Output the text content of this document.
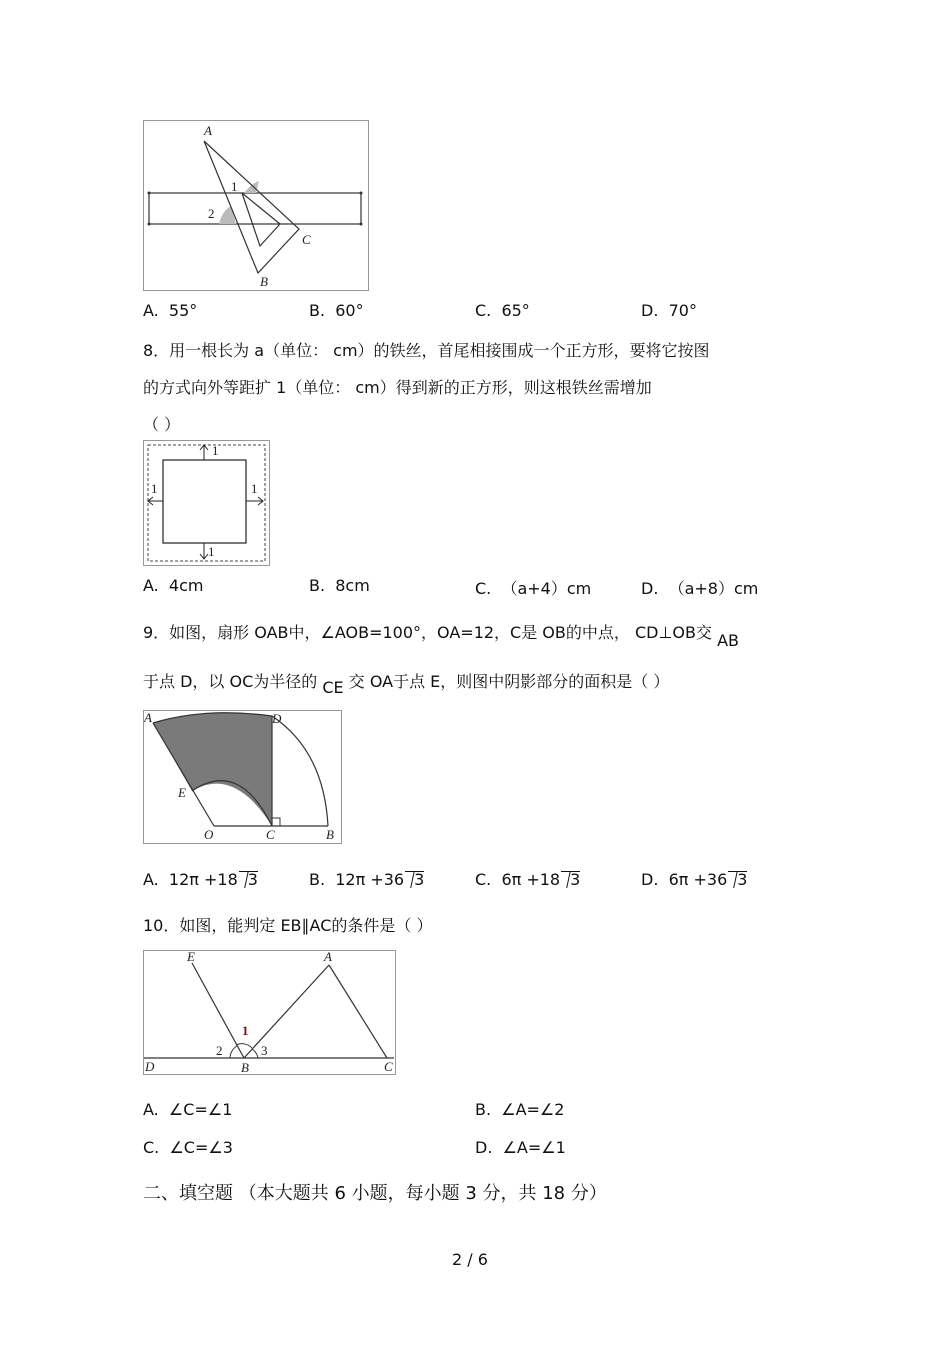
A
B
C
1
2
A. 55°	B. 60°	C. 65°	D. 70°
8．用一根长为 a（单位： cm）的铁丝，首尾相接围成一个正方形，要将它按图
的方式向外等距扩 1（单位： cm）得到新的正方形，则这根铁丝需增加
（ ）
1
1	1
1
A. 4cm	B. 8cm	C. （a+4）cm	D. （a+8）cm
9．如图，扇形 OAB中，∠AOB=100°，OA=12，C是 OB的中点， CD⊥OB交 AB
于点 D，以 OC为半径的 CE 交 OA于点 E，则图中阴影部分的面积是（ ）
A	D
E
O	C	B
A. 12π +18 3	B. 12π +36 3	C. 6π +18 3	D. 6π +36 3
10．如图，能判定 EB∥AC的条件是（ ）
E	A
D	B	C
1
2	3
A. ∠C=∠1	B. ∠A=∠2
C. ∠C=∠3	D. ∠A=∠1
二、填空题 （本大题共 6 小题，每小题 3 分，共 18 分）
2 / 6
